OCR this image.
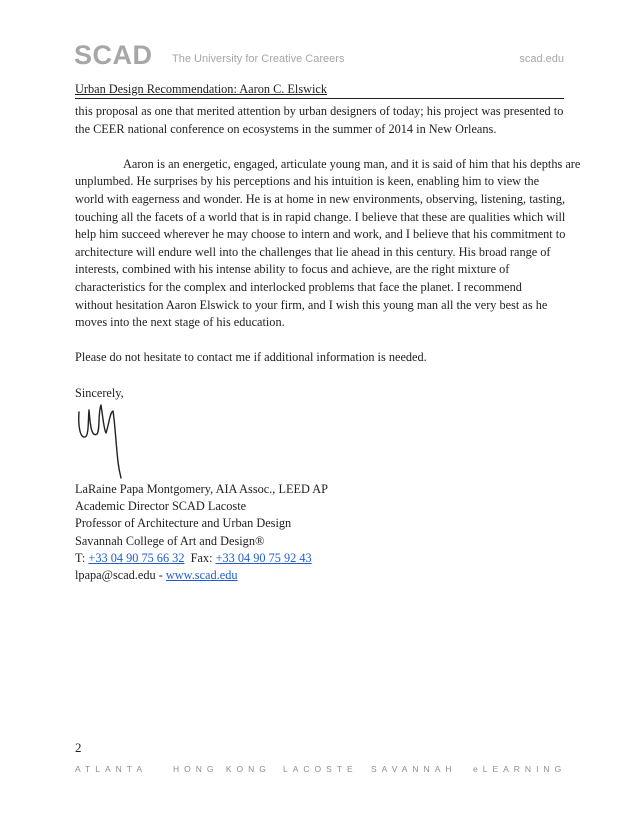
SCAD The University for Creative Careers	scad.edu
Urban Design Recommendation: Aaron C. Elswick

this proposal as one that merited attention by urban designers of today; his project was presented to

the CEER national conference on ecosystems in the summer of 2014 in New Orleans.

Aaron is an energetic, engaged, articulate young man, and it is said of him that his depths are

unplumbed. He surprises by his perceptions and his intuition is keen, enabling him to view the

world with eagerness and wonder. He is at home in new environments, observing, listening, tasting,

touching all the facets of a world that is in rapid change. I believe that these are qualities which will

help him succeed wherever he may choose to intern and work, and I believe that his commitment to

architecture will endure well into the challenges that lie ahead in this century. His broad range of

interests, combined with his intense ability to focus and achieve, are the right mixture of

characteristics for the complex and interlocked problems that face the planet. I recommend

without hesitation Aaron Elswick to your firm, and I wish this young man all the very best as he

moves into the next stage of his education.

Please do not hesitate to contact me if additional information is needed.

Sincerely,

LaRaine Papa Montgomery, AIA Assoc., LEED AP
Academic Director SCAD Lacoste
Professor of Architecture and Urban Design
Savannah College of Art and Design®
T: +33 04 90 75 66 32  Fax: +33 04 90 75 92 43
lpapa@scad.edu - www.scad.edu
2
ATLANTA	HONG KONG LACOSTE SAVANNAH eLEARNING
